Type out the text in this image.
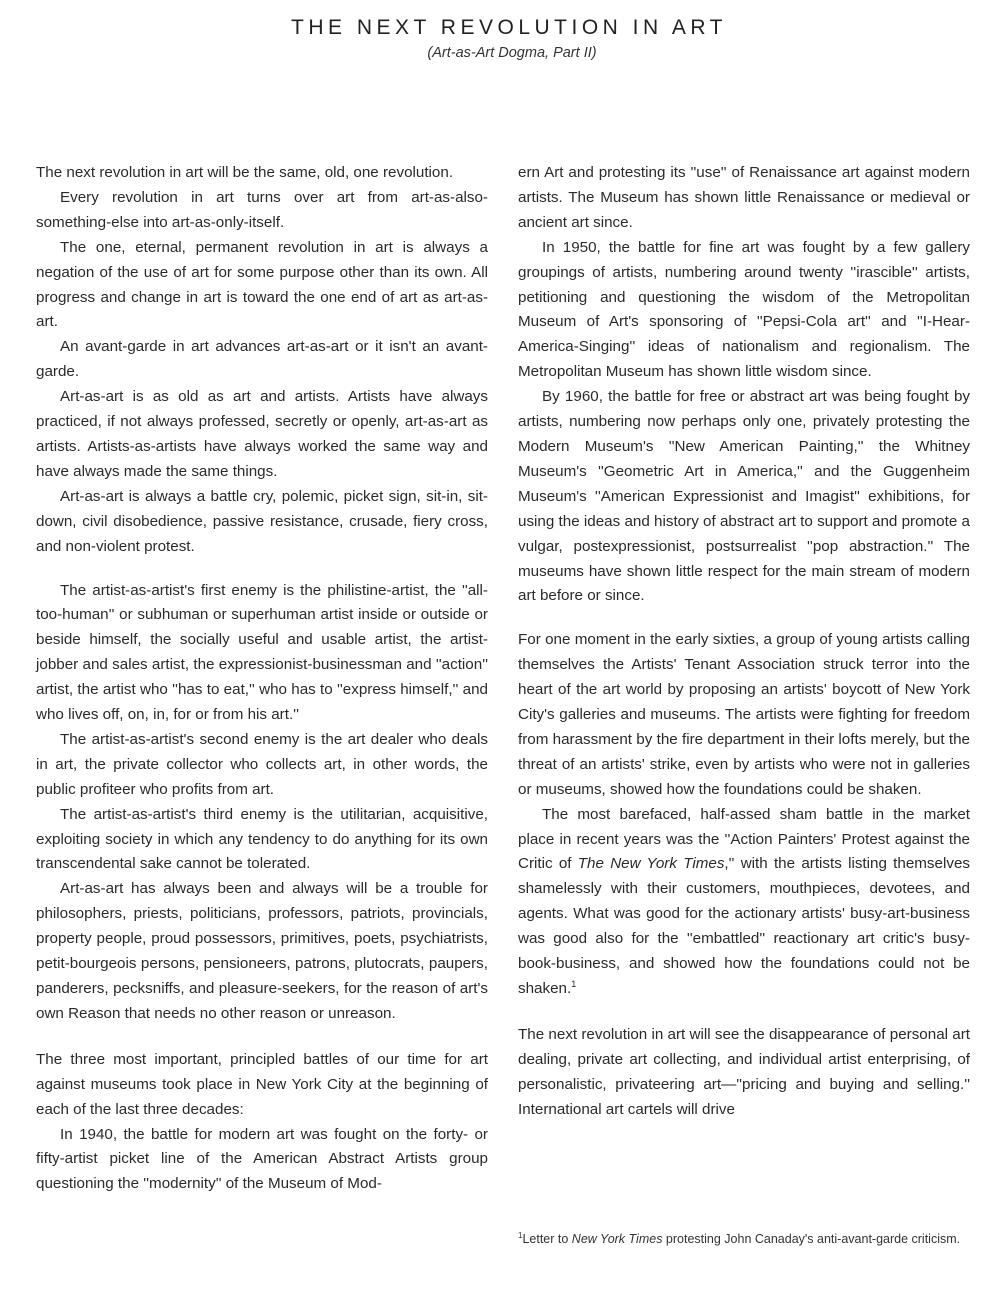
THE NEXT REVOLUTION IN ART
(Art-as-Art Dogma, Part II)

The next revolution in art will be the same, old, one revolution.

Every revolution in art turns over art from art-as-also-something-else into art-as-only-itself.

The one, eternal, permanent revolution in art is always a negation of the use of art for some purpose other than its own. All progress and change in art is toward the one end of art as art-as-art.

An avant-garde in art advances art-as-art or it isn't an avant-garde.

Art-as-art is as old as art and artists. Artists have always practiced, if not always professed, secretly or openly, art-as-art as artists. Artists-as-artists have always worked the same way and have always made the same things.

Art-as-art is always a battle cry, polemic, picket sign, sit-in, sit-down, civil disobedience, passive resistance, crusade, fiery cross, and non-violent protest.

The artist-as-artist's first enemy is the philistine-artist, the ''all-too-human'' or subhuman or superhuman artist inside or outside or beside himself, the socially useful and usable artist, the artist-jobber and sales artist, the expressionist-businessman and ''action'' artist, the artist who ''has to eat,'' who has to ''express himself,'' and who lives off, on, in, for or from his art.''

The artist-as-artist's second enemy is the art dealer who deals in art, the private collector who collects art, in other words, the public profiteer who profits from art.

The artist-as-artist's third enemy is the utilitarian, acquisitive, exploiting society in which any tendency to do anything for its own transcendental sake cannot be tolerated.

Art-as-art has always been and always will be a trouble for philosophers, priests, politicians, professors, patriots, provincials, property people, proud possessors, primitives, poets, psychiatrists, petit-bourgeois persons, pensioneers, patrons, plutocrats, paupers, panderers, pecksniffs, and pleasure-seekers, for the reason of art's own Reason that needs no other reason or unreason.

The three most important, principled battles of our time for art against museums took place in New York City at the beginning of each of the last three decades:

In 1940, the battle for modern art was fought on the forty- or fifty-artist picket line of the American Abstract Artists group questioning the ''modernity'' of the Museum of Mod-

ern Art and protesting its ''use'' of Renaissance art against modern artists. The Museum has shown little Renaissance or medieval or ancient art since.

In 1950, the battle for fine art was fought by a few gallery groupings of artists, numbering around twenty ''irascible'' artists, petitioning and questioning the wisdom of the Metropolitan Museum of Art's sponsoring of ''Pepsi-Cola art'' and ''I-Hear-America-Singing'' ideas of nationalism and regionalism. The Metropolitan Museum has shown little wisdom since.

By 1960, the battle for free or abstract art was being fought by artists, numbering now perhaps only one, privately protesting the Modern Museum's ''New American Painting,'' the Whitney Museum's ''Geometric Art in America,'' and the Guggenheim Museum's ''American Expressionist and Imagist'' exhibitions, for using the ideas and history of abstract art to support and promote a vulgar, postexpressionist, postsurrealist ''pop abstraction.'' The museums have shown little respect for the main stream of modern art before or since.

For one moment in the early sixties, a group of young artists calling themselves the Artists' Tenant Association struck terror into the heart of the art world by proposing an artists' boycott of New York City's galleries and museums. The artists were fighting for freedom from harassment by the fire department in their lofts merely, but the threat of an artists' strike, even by artists who were not in galleries or museums, showed how the foundations could be shaken.

The most barefaced, half-assed sham battle in the market place in recent years was the ''Action Painters' Protest against the Critic of The New York Times,'' with the artists listing themselves shamelessly with their customers, mouthpieces, devotees, and agents. What was good for the actionary artists' busy-art-business was good also for the ''embattled'' reactionary art critic's busy-book-business, and showed how the foundations could not be shaken.$^1$

The next revolution in art will see the disappearance of personal art dealing, private art collecting, and individual artist enterprising, of personalistic, privateering art—''pricing and buying and selling.'' International art cartels will drive

$^1$Letter to New York Times protesting John Canaday's anti-avant-garde criticism.
